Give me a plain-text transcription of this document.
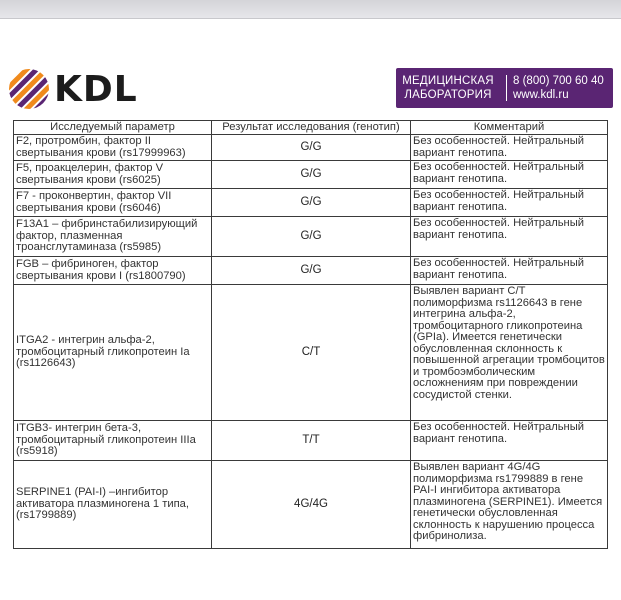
KDL	МЕДИЦИНСКАЯ
ЛАБОРАТОРИЯ
8 (800) 700 60 40
www.kdl.ru
Исследуемый параметр	Результат исследования (генотип)	Комментарий
F2, протромбин, фактор II свертывания крови (rs17999963)	G/G	Без особенностей. Нейтральный вариант генотипа.
F5, проакцелерин, фактор V свертывания крови (rs6025)	G/G	Без особенностей. Нейтральный вариант генотипа.
F7 - проконвертин, фактор VII свертывания крови (rs6046)	G/G	Без особенностей. Нейтральный вариант генотипа.
F13A1 – фибринстабилизирующий фактор, плазменная трoансглутаминаза (rs5985)	G/G	Без особенностей. Нейтральный вариант генотипа.
FGB – фибриноген, фактор свертывания крови I (rs1800790)	G/G	Без особенностей. Нейтральный вариант генотипа.
ITGA2 - интегрин альфа-2, тромбоцитарный гликопротеин Ia (rs1126643)	C/T	Выявлен вариант C/T полиморфизма rs1126643 в гене интегрина альфа-2, тромбоцитарного гликопротеина (GPIa). Имеется генетически обусловленная склонность к повышенной агрегации тромбоцитов и тромбоэмболическим осложнениям при повреждении сосудистой стенки.
ITGB3- интегрин бета-3, тромбоцитарный гликопротеин IIIa (rs5918)	T/T	Без особенностей. Нейтральный вариант генотипа.
SERPINE1 (PAI-I) –ингибитор активатора плазминогена 1 типа, (rs1799889)	4G/4G	Выявлен вариант 4G/4G полиморфизма rs1799889 в гене PAI-I ингибитора активатора плазминогена (SERPINE1). Имеется генетически обусловленная склонность к нарушению процесса фибринолиза.
